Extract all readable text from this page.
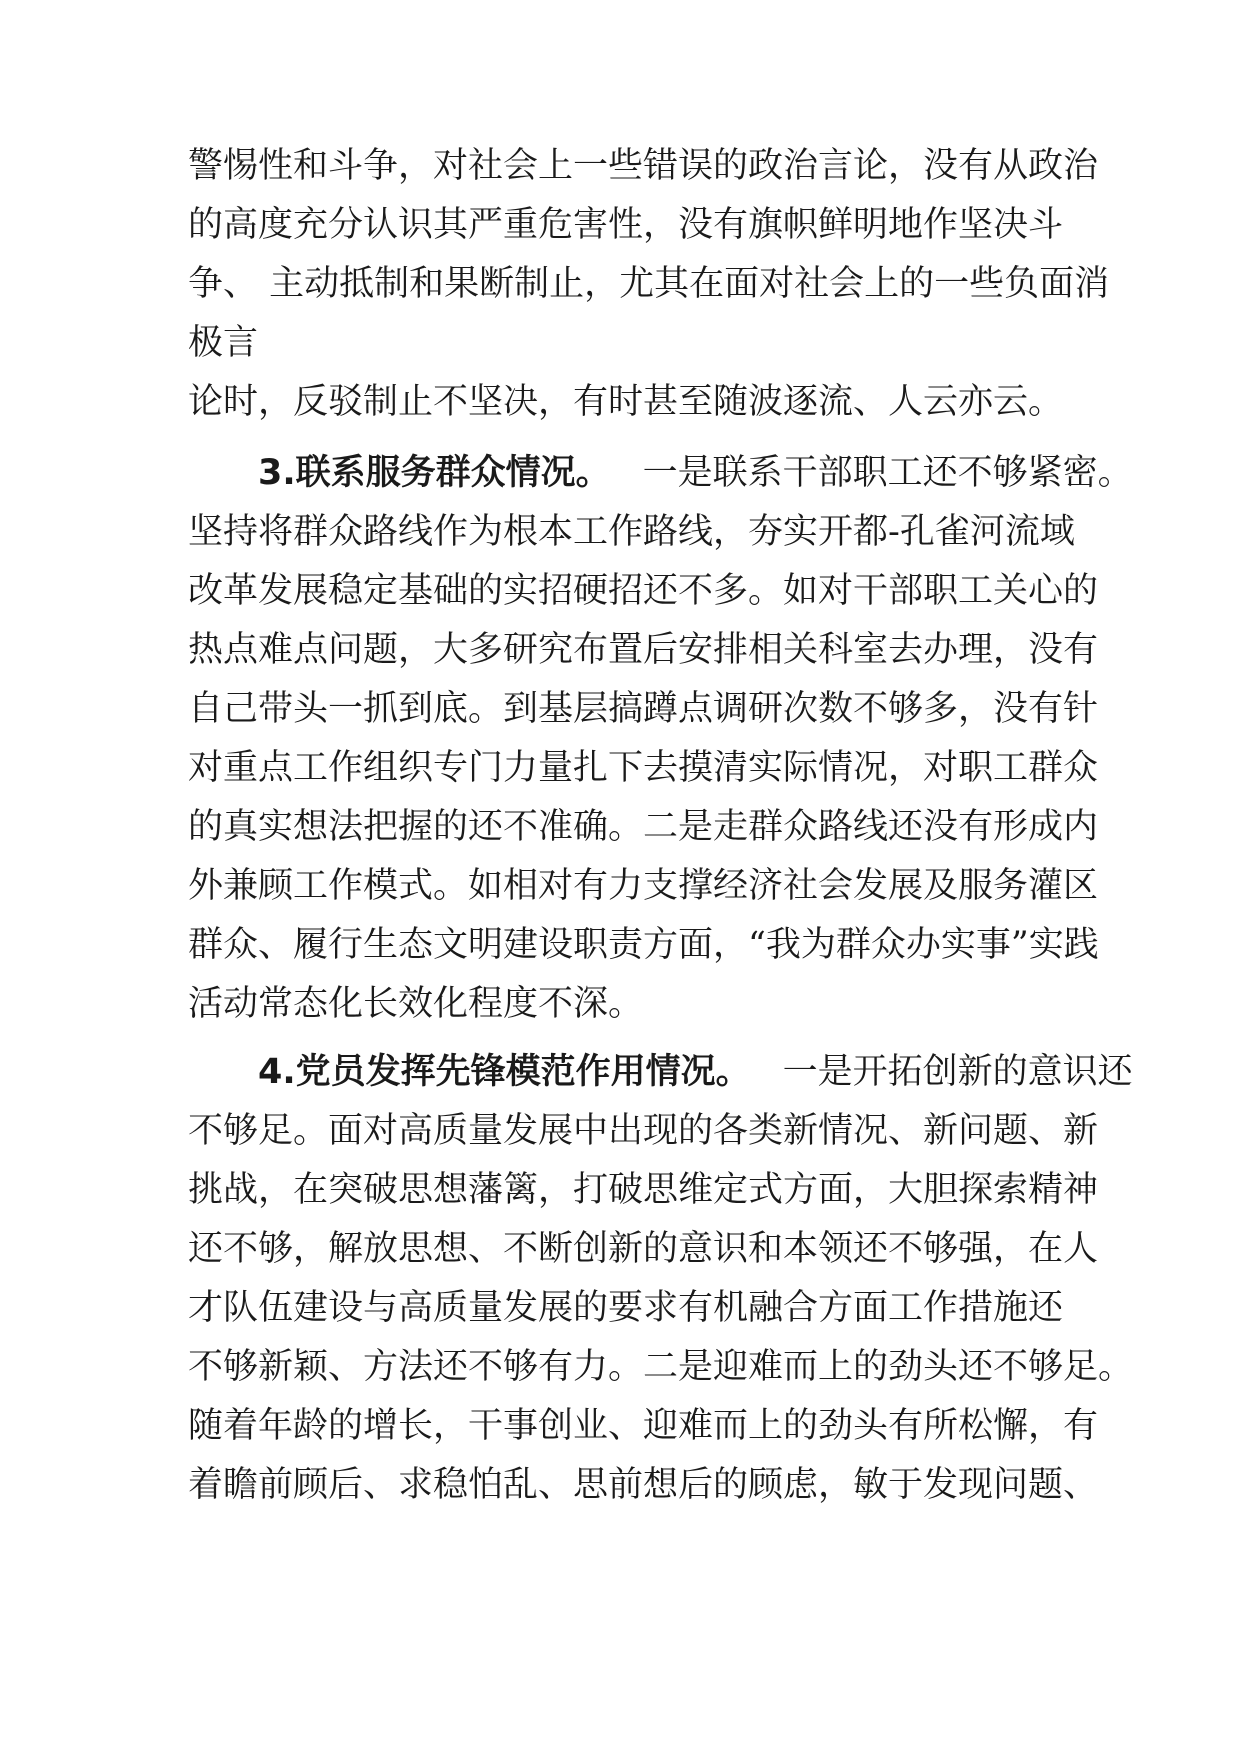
警惕性和斗争，对社会上一些错误的政治言论，没有从政治
的高度充分认识其严重危害性，没有旗帜鲜明地作坚决斗
争、 主动抵制和果断制止，尤其在面对社会上的一些负面消
极言
论时，反驳制止不坚决，有时甚至随波逐流、人云亦云。
3.联系服务群众情况。 一是联系干部职工还不够紧密。
坚持将群众路线作为根本工作路线，夯实开都-孔雀河流域
改革发展稳定基础的实招硬招还不多。如对干部职工关心的
热点难点问题，大多研究布置后安排相关科室去办理，没有
自己带头一抓到底。到基层搞蹲点调研次数不够多，没有针
对重点工作组织专门力量扎下去摸清实际情况，对职工群众
的真实想法把握的还不准确。二是走群众路线还没有形成内
外兼顾工作模式。如相对有力支撑经济社会发展及服务灌区
群众、履行生态文明建设职责方面，“我为群众办实事”实践
活动常态化长效化程度不深。
4.党员发挥先锋模范作用情况。 一是开拓创新的意识还
不够足。面对高质量发展中出现的各类新情况、新问题、新
挑战，在突破思想藩篱，打破思维定式方面，大胆探索精神
还不够，解放思想、不断创新的意识和本领还不够强，在人
才队伍建设与高质量发展的要求有机融合方面工作措施还
不够新颖、方法还不够有力。二是迎难而上的劲头还不够足。
随着年龄的增长，干事创业、迎难而上的劲头有所松懈，有
着瞻前顾后、求稳怕乱、思前想后的顾虑，敏于发现问题、
